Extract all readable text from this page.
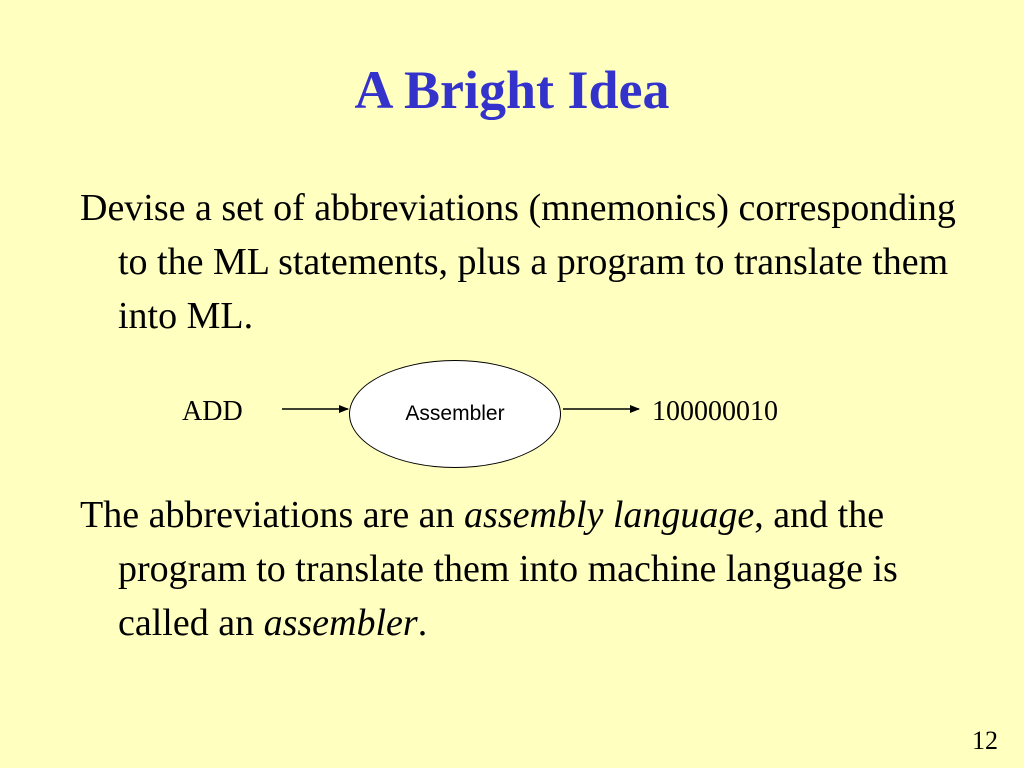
A Bright Idea

Devise a set of abbreviations (mnemonics) corresponding to the ML statements, plus a program to translate them into ML.

ADD	Assembler	100000010

The abbreviations are an assembly language, and the program to translate them into machine language is called an assembler.

12
